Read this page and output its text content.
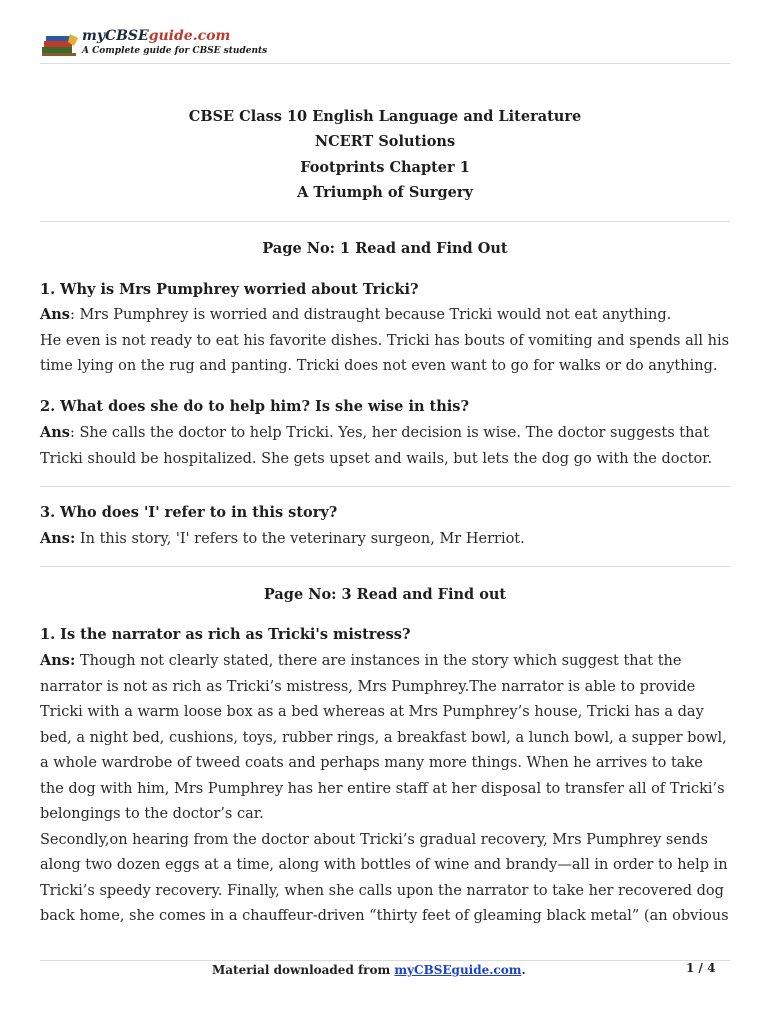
myCBSEguide.com
A Complete guide for CBSE students
CBSE Class 10 English Language and Literature
NCERT Solutions
Footprints Chapter 1
A Triumph of Surgery
Page No: 1 Read and Find Out
1. Why is Mrs Pumphrey worried about Tricki?
Ans: Mrs Pumphrey is worried and distraught because Tricki would not eat anything.
He even is not ready to eat his favorite dishes. Tricki has bouts of vomiting and spends all his time lying on the rug and panting. Tricki does not even want to go for walks or do anything.
2. What does she do to help him? Is she wise in this?
Ans: She calls the doctor to help Tricki. Yes, her decision is wise. The doctor suggests that Tricki should be hospitalized. She gets upset and wails, but lets the dog go with the doctor.
3. Who does 'I' refer to in this story?
Ans: In this story, 'I' refers to the veterinary surgeon, Mr Herriot.
Page No: 3 Read and Find out
1. Is the narrator as rich as Tricki's mistress?
Ans: Though not clearly stated, there are instances in the story which suggest that the narrator is not as rich as Tricki’s mistress, Mrs Pumphrey.The narrator is able to provide Tricki with a warm loose box as a bed whereas at Mrs Pumphrey’s house, Tricki has a day bed, a night bed, cushions, toys, rubber rings, a breakfast bowl, a lunch bowl, a supper bowl, a whole wardrobe of tweed coats and perhaps many more things. When he arrives to take the dog with him, Mrs Pumphrey has her entire staff at her disposal to transfer all of Tricki’s belongings to the doctor’s car.
Secondly,on hearing from the doctor about Tricki’s gradual recovery, Mrs Pumphrey sends along two dozen eggs at a time, along with bottles of wine and brandy—all in order to help in Tricki’s speedy recovery. Finally, when she calls upon the narrator to take her recovered dog back home, she comes in a chauffeur-driven “thirty feet of gleaming black metal” (an obvious
Material downloaded from myCBSEguide.com.	1 / 4
